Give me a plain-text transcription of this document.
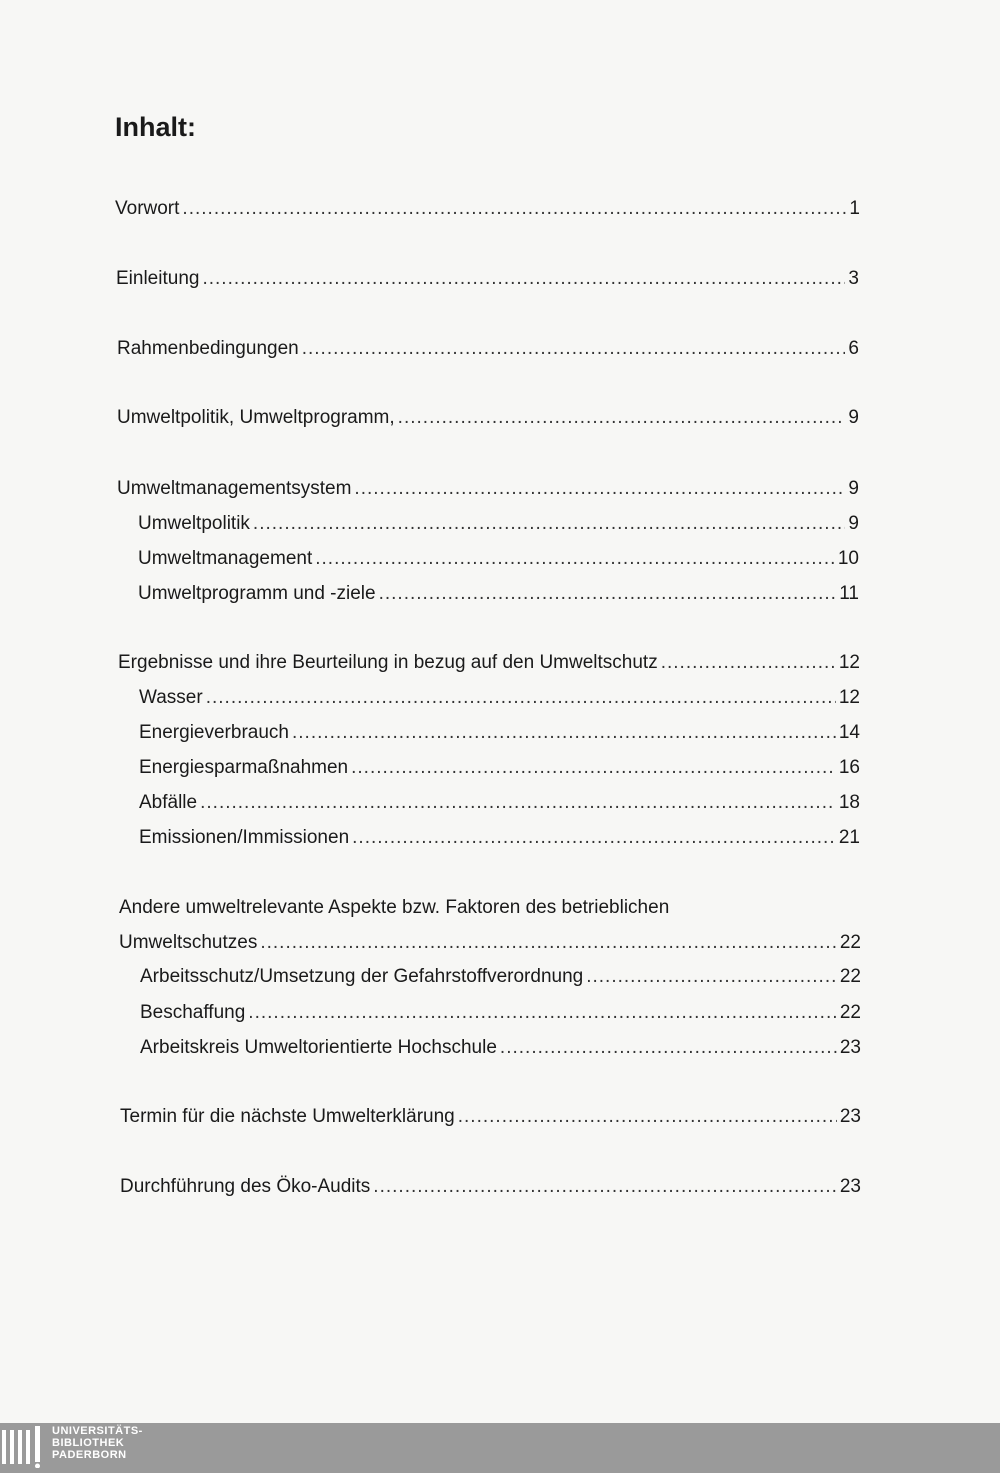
Inhalt:
Vorwort .....	1
Einleitung .....	3
Rahmenbedingungen .....	6
Umweltpolitik, Umweltprogramm, .....	9
Umweltmanagementsystem .....	9
Umweltpolitik .....	9
Umweltmanagement .....	10
Umweltprogramm und -ziele .....	11
Ergebnisse und ihre Beurteilung in bezug auf den Umweltschutz .....	12
Wasser .....	12
Energieverbrauch .....	14
Energiesparmaßnahmen .....	16
Abfälle .....	18
Emissionen/Immissionen .....	21
Andere umweltrelevante Aspekte bzw. Faktoren des betrieblichen
Umweltschutzes .....	22
Arbeitsschutz/Umsetzung der Gefahrstoffverordnung .....	22
Beschaffung .....	22
Arbeitskreis Umweltorientierte Hochschule .....	23
Termin für die nächste Umwelterklärung .....	23
Durchführung des Öko-Audits .....	23
UNIVERSITÄTS-
BIBLIOTHEK
PADERBORN
